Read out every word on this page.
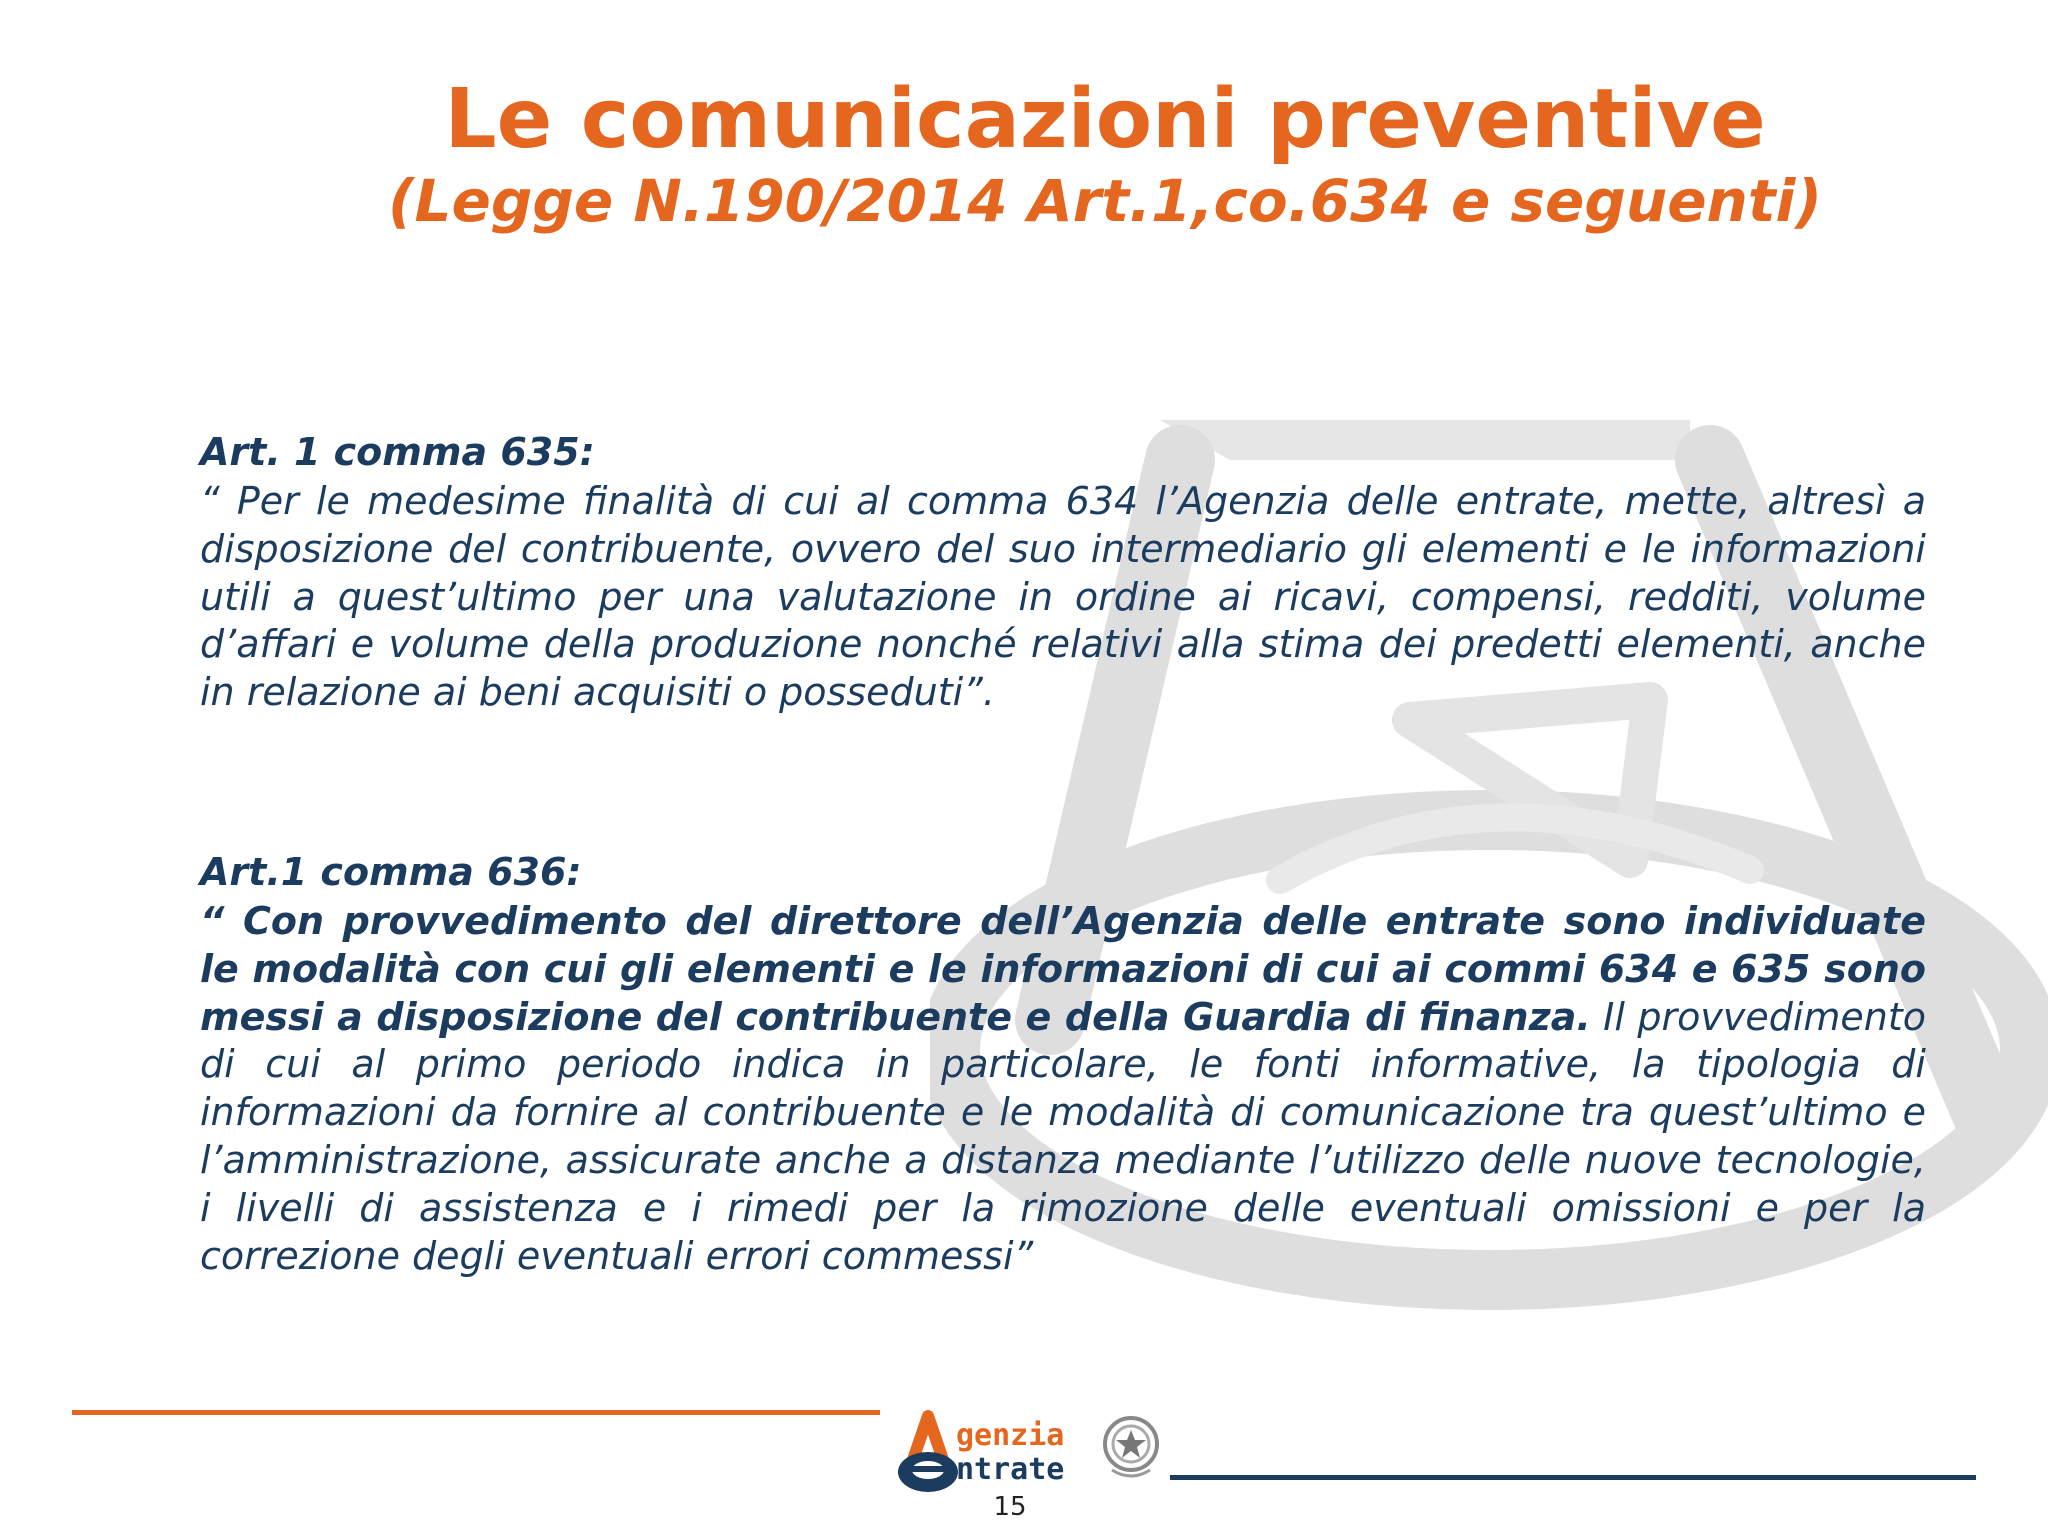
Le comunicazioni preventive
(Legge N.190/2014 Art.1,co.634 e seguenti)

Art. 1 comma 635:

“ Per le medesime finalità di cui al comma 634 l’Agenzia delle entrate, mette, altresì a disposizione del contribuente, ovvero del suo intermediario gli elementi e le informazioni utili a quest’ultimo per una valutazione in ordine ai ricavi, compensi, redditi, volume d’affari e volume della produzione nonché relativi alla stima dei predetti elementi, anche in relazione ai beni acquisiti o posseduti”.

Art.1 comma 636:

“ Con provvedimento del direttore dell’Agenzia delle entrate sono individuate le modalità con cui gli elementi e le informazioni di cui ai commi 634 e 635 sono messi a disposizione del contribuente e della Guardia di finanza. Il provvedimento di cui al primo periodo indica in particolare, le fonti informative, la tipologia di informazioni da fornire al contribuente e le modalità di comunicazione tra quest’ultimo e l’amministrazione, assicurate anche a distanza mediante l’utilizzo delle nuove tecnologie, i livelli di assistenza e i rimedi per la rimozione delle eventuali omissioni e per la correzione degli eventuali errori commessi”

genzia
ntrate
15
